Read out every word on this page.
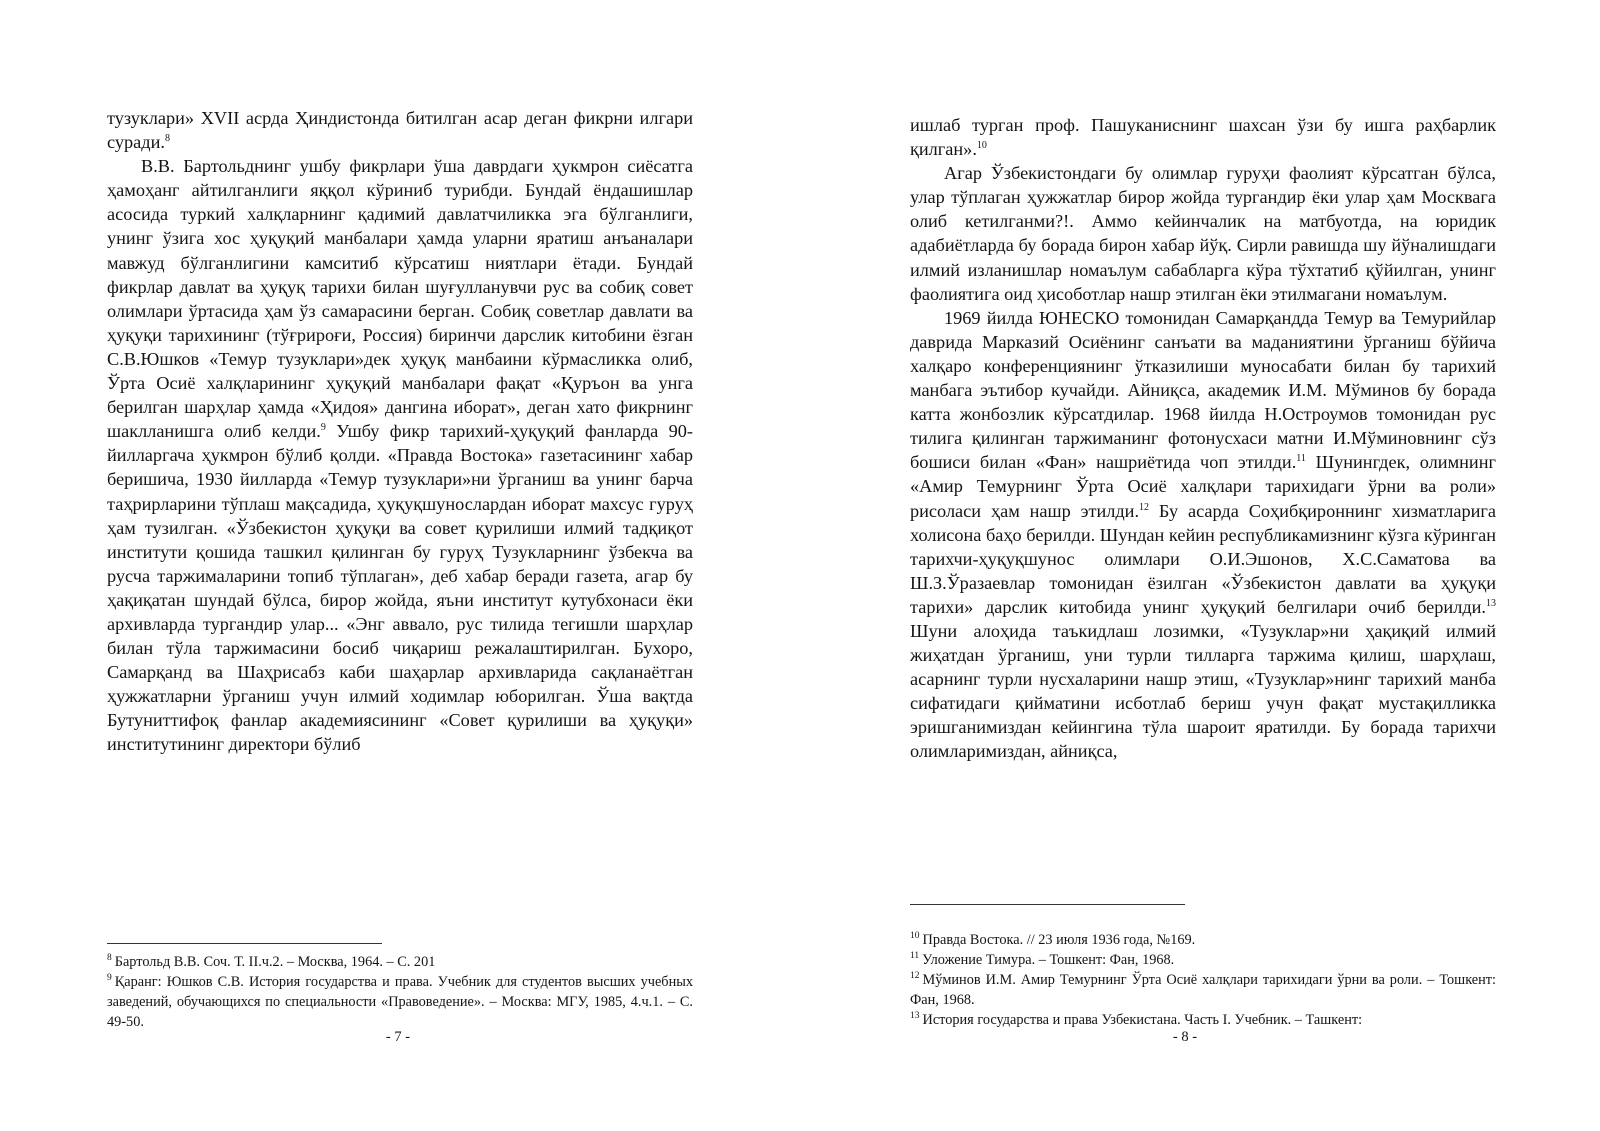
тузуклари» XVII асрда Ҳиндистонда битилган асар деган фикрни илгари суради.$^8$

В.В. Бартольднинг ушбу фикрлари ўша даврдаги ҳукмрон сиёсатга ҳамоҳанг айтилганлиги яққол кўриниб турибди. Бундай ёндашишлар асосида туркий халқларнинг қадимий давлатчиликка эга бўлганлиги, унинг ўзига хос ҳуқуқий манбалари ҳамда уларни яратиш анъаналари мавжуд бўлганлигини камситиб кўрсатиш ниятлари ётади. Бундай фикрлар давлат ва ҳуқуқ тарихи билан шуғулланувчи рус ва собиқ совет олимлари ўртасида ҳам ўз самарасини берган. Собиқ советлар давлати ва ҳуқуқи тарихининг (тўғрироғи, Россия) биринчи дарслик китобини ёзган С.В.Юшков «Темур тузуклари»дек ҳуқуқ манбаини кўрмасликка олиб, Ўрта Осиё халқларининг ҳуқуқий манбалари фақат «Қуръон ва унга берилган шарҳлар ҳамда «Ҳидоя» дангина иборат», деган хато фикрнинг шаклланишга олиб келди.$^9$ Ушбу фикр тарихий-ҳуқуқий фанларда 90-йилларгача ҳукмрон бўлиб қолди. «Правда Востока» газетасининг хабар беришича, 1930 йилларда «Темур тузуклари»ни ўрганиш ва унинг барча таҳрирларини тўплаш мақсадида, ҳуқуқшунослардан иборат махсус гуруҳ ҳам тузилган. «Ўзбекистон ҳуқуқи ва совет қурилиши илмий тадқиқот институти қошида ташкил қилинган бу гуруҳ Тузукларнинг ўзбекча ва русча таржималарини топиб тўплаган», деб хабар беради газета, агар бу ҳақиқатан шундай бўлса, бирор жойда, яъни институт кутубхонаси ёки архивларда тургандир улар... «Энг аввало, рус тилида тегишли шарҳлар билан тўла таржимасини босиб чиқариш режалаштирилган. Бухоро, Самарқанд ва Шаҳрисабз каби шаҳарлар архивларида сақланаётган ҳужжатларни ўрганиш учун илмий ходимлар юборилган. Ўша вақтда Бутуниттифоқ фанлар академиясининг «Совет қурилиши ва ҳуқуқи» институтининг директори бўлиб

$^8$ Бартольд В.В. Соч. Т. II.ч.2. – Москва, 1964. – С. 201

$^9$ Қаранг: Юшков С.В. История государства и права. Учебник для студентов высших учебных заведений, обучающихся по специальности «Правоведение». – Москва: МГУ, 1985, 4.ч.1. – С. 49-50.

- 7 -

ишлаб турган проф. Пашуканиснинг шахсан ўзи бу ишга раҳбарлик қилган».$^{10}$

Агар Ўзбекистондаги бу олимлар гуруҳи фаолият кўрсатган бўлса, улар тўплаган ҳужжатлар бирор жойда тургандир ёки улар ҳам Москвага олиб кетилганми?!. Аммо кейинчалик на матбуотда, на юридик адабиётларда бу борада бирон хабар йўқ. Сирли равишда шу йўналишдаги илмий изланишлар номаълум сабабларга кўра тўхтатиб қўйилган, унинг фаолиятига оид ҳисоботлар нашр этилган ёки этилмагани номаълум.

1969 йилда ЮНЕСКО томонидан Самарқандда Темур ва Темурийлар даврида Марказий Осиёнинг санъати ва маданиятини ўрганиш бўйича халқаро конференциянинг ўтказилиши муносабати билан бу тарихий манбага эътибор кучайди. Айниқса, академик И.М. Мўминов бу борада катта жонбозлик кўрсатдилар. 1968 йилда Н.Остроумов томонидан рус тилига қилинган таржиманинг фотонусхаси матни И.Мўминовнинг сўз бошиси билан «Фан» нашриётида чоп этилди.$^{11}$ Шунингдек, олимнинг «Амир Темурнинг Ўрта Осиё халқлари тарихидаги ўрни ва роли» рисоласи ҳам нашр этилди.$^{12}$ Бу асарда Соҳибқироннинг хизматларига холисона баҳо берилди. Шундан кейин республикамизнинг кўзга кўринган тарихчи-ҳуқуқшунос олимлари О.И.Эшонов, Х.С.Саматова ва Ш.З.Ўразаевлар томонидан ёзилган «Ўзбекистон давлати ва ҳуқуқи тарихи» дарслик китобида унинг ҳуқуқий белгилари очиб берилди.$^{13}$ Шуни алоҳида таъкидлаш лозимки, «Тузуклар»ни ҳақиқий илмий жиҳатдан ўрганиш, уни турли тилларга таржима қилиш, шарҳлаш, асарнинг турли нусхаларини нашр этиш, «Тузуклар»нинг тарихий манба сифатидаги қийматини исботлаб бериш учун фақат мустақилликка эришганимиздан кейингина тўла шароит яратилди. Бу борада тарихчи олимларимиздан, айниқса,

$^{10}$ Правда Востока. // 23 июля 1936 года, №169.

$^{11}$ Уложение Тимура. – Тошкент: Фан, 1968.

$^{12}$ Мўминов И.М. Амир Темурнинг Ўрта Осиё халқлари тарихидаги ўрни ва роли. – Тошкент: Фан, 1968.

$^{13}$ История государства и права Узбекистана. Часть I. Учебник. – Ташкент:

- 8 -
